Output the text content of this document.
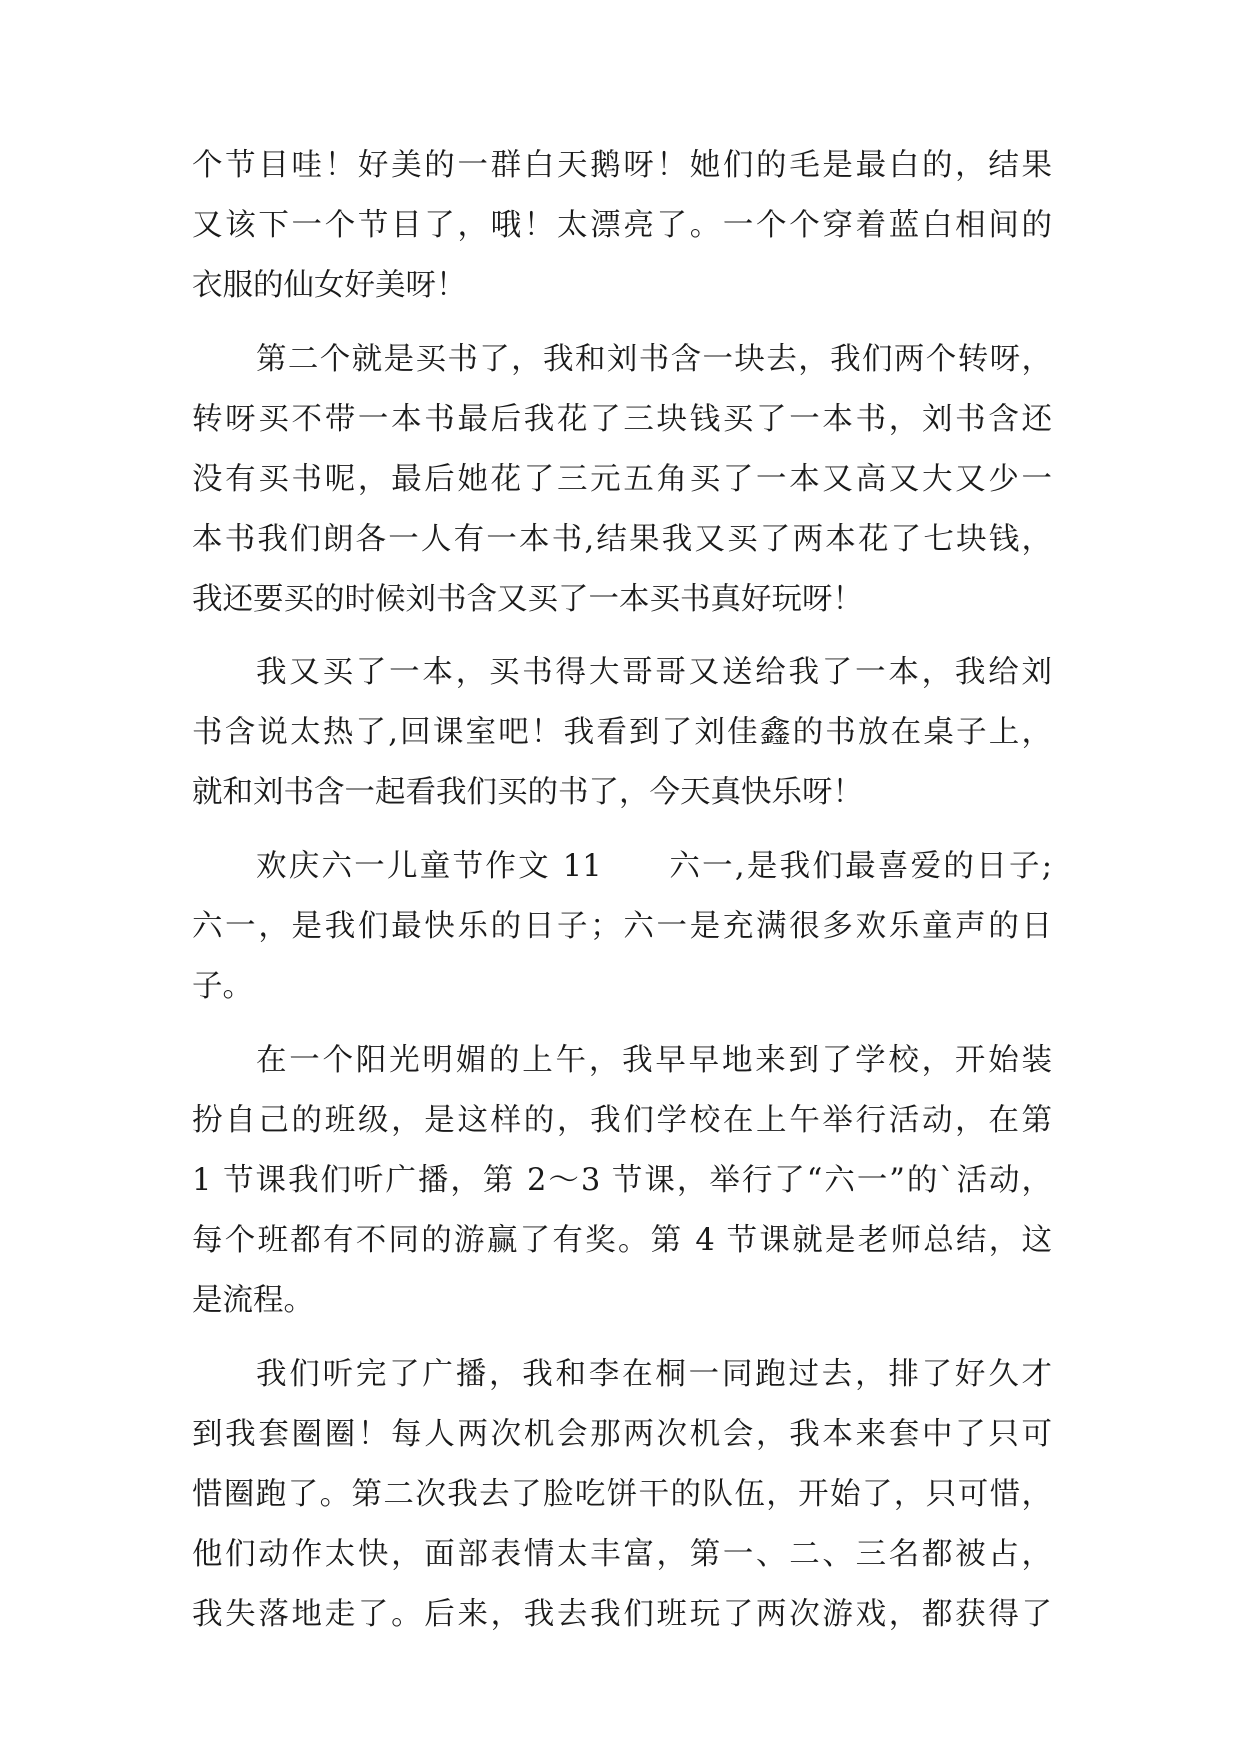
个节目哇！好美的一群白天鹅呀！她们的毛是最白的，结果
又该下一个节目了，哦！太漂亮了。一个个穿着蓝白相间的
衣服的仙女好美呀！
第二个就是买书了，我和刘书含一块去，我们两个转呀，
转呀买不带一本书最后我花了三块钱买了一本书，刘书含还
没有买书呢，最后她花了三元五角买了一本又高又大又少一
本书我们朗各一人有一本书,结果我又买了两本花了七块钱，
我还要买的时候刘书含又买了一本买书真好玩呀！
我又买了一本，买书得大哥哥又送给我了一本，我给刘
书含说太热了,回课室吧！我看到了刘佳鑫的书放在桌子上，
就和刘书含一起看我们买的书了，今天真快乐呀！
欢庆六一儿童节作文 11　　六一,是我们最喜爱的日子;
六一，是我们最快乐的日子；六一是充满很多欢乐童声的日
子。
在一个阳光明媚的上午，我早早地来到了学校，开始装
扮自己的班级，是这样的，我们学校在上午举行活动，在第
1 节课我们听广播，第 2～3 节课，举行了“六一”的`活动，
每个班都有不同的游赢了有奖。第 4 节课就是老师总结，这
是流程。
我们听完了广播，我和李在桐一同跑过去，排了好久才
到我套圈圈！每人两次机会那两次机会，我本来套中了只可
惜圈跑了。第二次我去了脸吃饼干的队伍，开始了，只可惜，
他们动作太快，面部表情太丰富，第一、二、三名都被占，
我失落地走了。后来，我去我们班玩了两次游戏，都获得了
